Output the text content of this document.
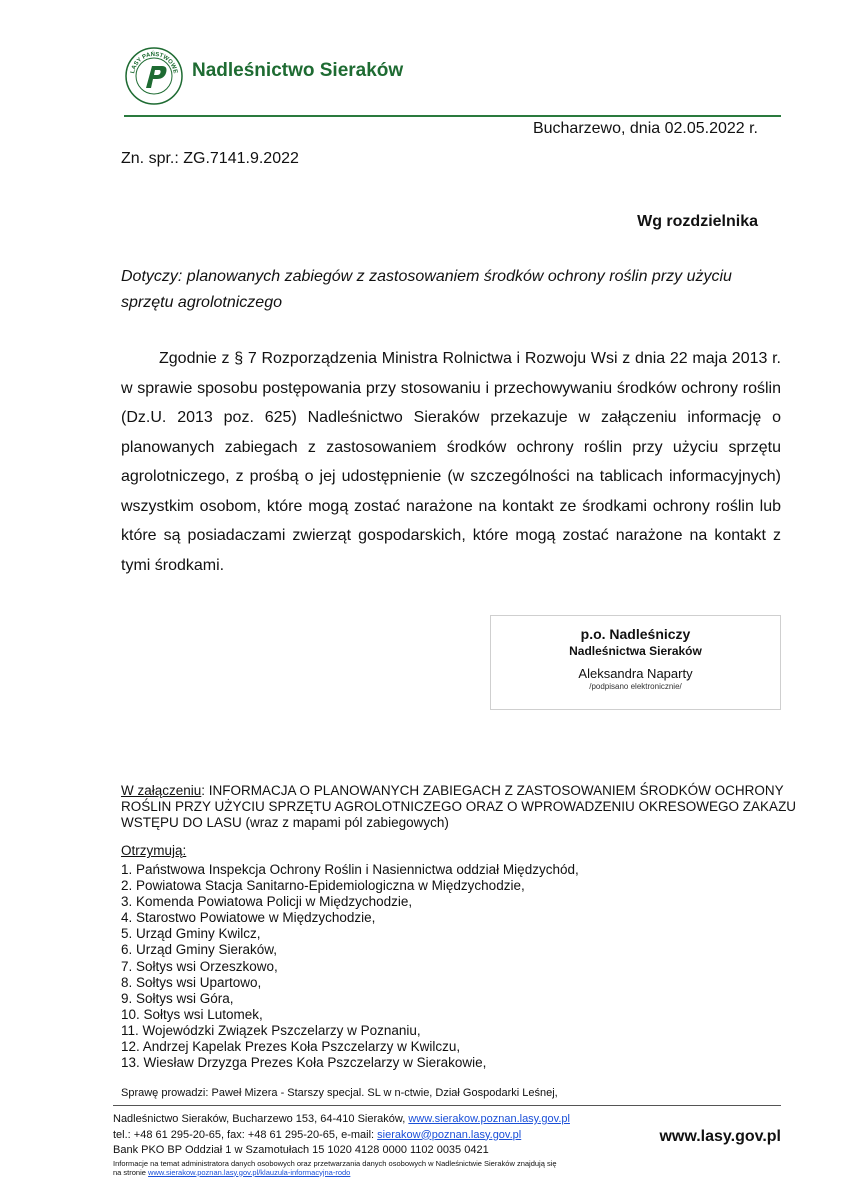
LASY PAŃSTWOWE Nadleśnictwo Sieraków
Bucharzewo, dnia 02.05.2022 r.
Zn. spr.: ZG.7141.9.2022
Wg rozdzielnika
Dotyczy: planowanych zabiegów z zastosowaniem środków ochrony roślin przy użyciu sprzętu agrolotniczego
Zgodnie z § 7 Rozporządzenia Ministra Rolnictwa i Rozwoju Wsi z dnia 22 maja 2013 r. w sprawie sposobu postępowania przy stosowaniu i przechowywaniu środków ochrony roślin (Dz.U. 2013 poz. 625) Nadleśnictwo Sieraków przekazuje w załączeniu informację o planowanych zabiegach z zastosowaniem środków ochrony roślin przy użyciu sprzętu agrolotniczego, z prośbą o jej udostępnienie (w szczególności na tablicach informacyjnych) wszystkim osobom, które mogą zostać narażone na kontakt ze środkami ochrony roślin lub które są posiadaczami zwierząt gospodarskich, które mogą zostać narażone na kontakt z tymi środkami.
p.o. Nadleśniczy
Nadleśnictwa Sieraków
Aleksandra Naparty
/podpisano elektronicznie/
W załączeniu: INFORMACJA O PLANOWANYCH ZABIEGACH Z ZASTOSOWANIEM ŚRODKÓW OCHRONY ROŚLIN PRZY UŻYCIU SPRZĘTU AGROLOTNICZEGO ORAZ O WPROWADZENIU OKRESOWEGO ZAKAZU WSTĘPU DO LASU (wraz z mapami pól zabiegowych)
Otrzymują:
1. Państwowa Inspekcja Ochrony Roślin i Nasiennictwa oddział Międzychód,
2. Powiatowa Stacja Sanitarno-Epidemiologiczna w Międzychodzie,
3. Komenda Powiatowa Policji w Międzychodzie,
4. Starostwo Powiatowe w Międzychodzie,
5. Urząd Gminy Kwilcz,
6. Urząd Gminy Sieraków,
7. Sołtys wsi Orzeszkowo,
8. Sołtys wsi Upartowo,
9. Sołtys wsi Góra,
10. Sołtys wsi Lutomek,
11. Wojewódzki Związek Pszczelarzy w Poznaniu,
12. Andrzej Kapelak Prezes Koła Pszczelarzy w Kwilczu,
13. Wiesław Drzyzga Prezes Koła Pszczelarzy w Sierakowie,
Sprawę prowadzi: Paweł Mizera - Starszy specjal. SL w n-ctwie, Dział Gospodarki Leśnej,
Nadleśnictwo Sieraków, Bucharzewo 153, 64-410 Sieraków, www.sierakow.poznan.lasy.gov.pl
tel.: +48 61 295-20-65, fax: +48 61 295-20-65, e-mail: sierakow@poznan.lasy.gov.pl
Bank PKO BP Oddział 1 w Szamotułach 15 1020 4128 0000 1102 0035 0421
Informacje na temat administratora danych osobowych oraz przetwarzania danych osobowych w Nadleśnictwie Sieraków znajdują się
na stronie www.sierakow.poznan.lasy.gov.pl/klauzula-informacyjna-rodo
www.lasy.gov.pl
